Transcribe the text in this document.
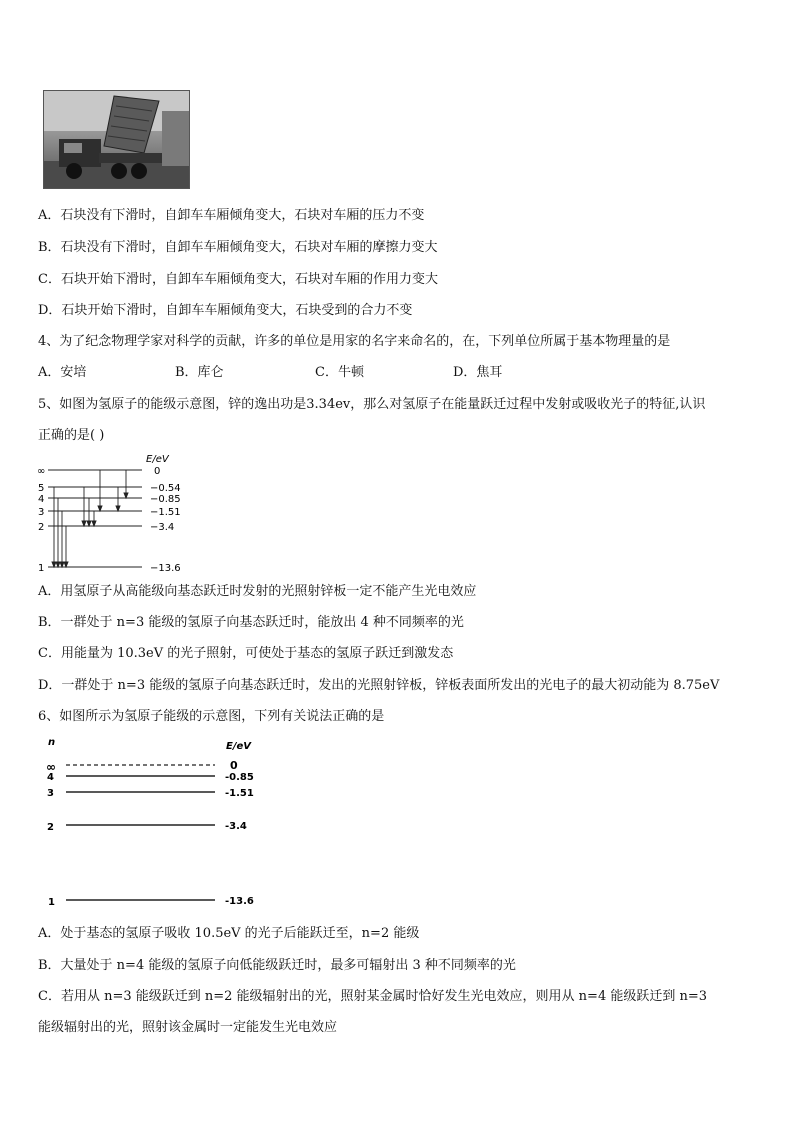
A．石块没有下滑时，自卸车车厢倾角变大，石块对车厢的压力不变
B．石块没有下滑时，自卸车车厢倾角变大，石块对车厢的摩擦力变大
C．石块开始下滑时，自卸车车厢倾角变大，石块对车厢的作用力变大
D．石块开始下滑时，自卸车车厢倾角变大，石块受到的合力不变
4、为了纪念物理学家对科学的贡献，许多的单位是用家的名字来命名的，在，下列单位所属于基本物理量的是
A．安培	B．库仑	C．牛顿	D．焦耳
5、如图为氢原子的能级示意图，锌的逸出功是3.34ev，那么对氢原子在能量跃迁过程中发射或吸收光子的特征,认识
正确的是( )
E/eV
∞
5
4
3
2
1
0
−0.54
−0.85
−1.51
−3.4
−13.6
A．用氢原子从高能级向基态跃迁时发射的光照射锌板一定不能产生光电效应
B．一群处于 n=3 能级的氢原子向基态跃迁时，能放出 4 种不同频率的光
C．用能量为 10.3eV 的光子照射，可使处于基态的氢原子跃迁到激发态
D．一群处于 n=3 能级的氢原子向基态跃迁时，发出的光照射锌板，锌板表面所发出的光电子的最大初动能为 8.75eV
6、如图所示为氢原子能级的示意图，下列有关说法正确的是
n	E/eV
∞
4
3
2
1
0
-0.85
-1.51
-3.4
-13.6
A．处于基态的氢原子吸收 10.5eV 的光子后能跃迁至，n=2 能级
B．大量处于 n=4 能级的氢原子向低能级跃迁时，最多可辐射出 3 种不同频率的光
C．若用从 n=3 能级跃迁到 n=2 能级辐射出的光，照射某金属时恰好发生光电效应，则用从 n=4 能级跃迁到 n=3
能级辐射出的光，照射该金属时一定能发生光电效应
